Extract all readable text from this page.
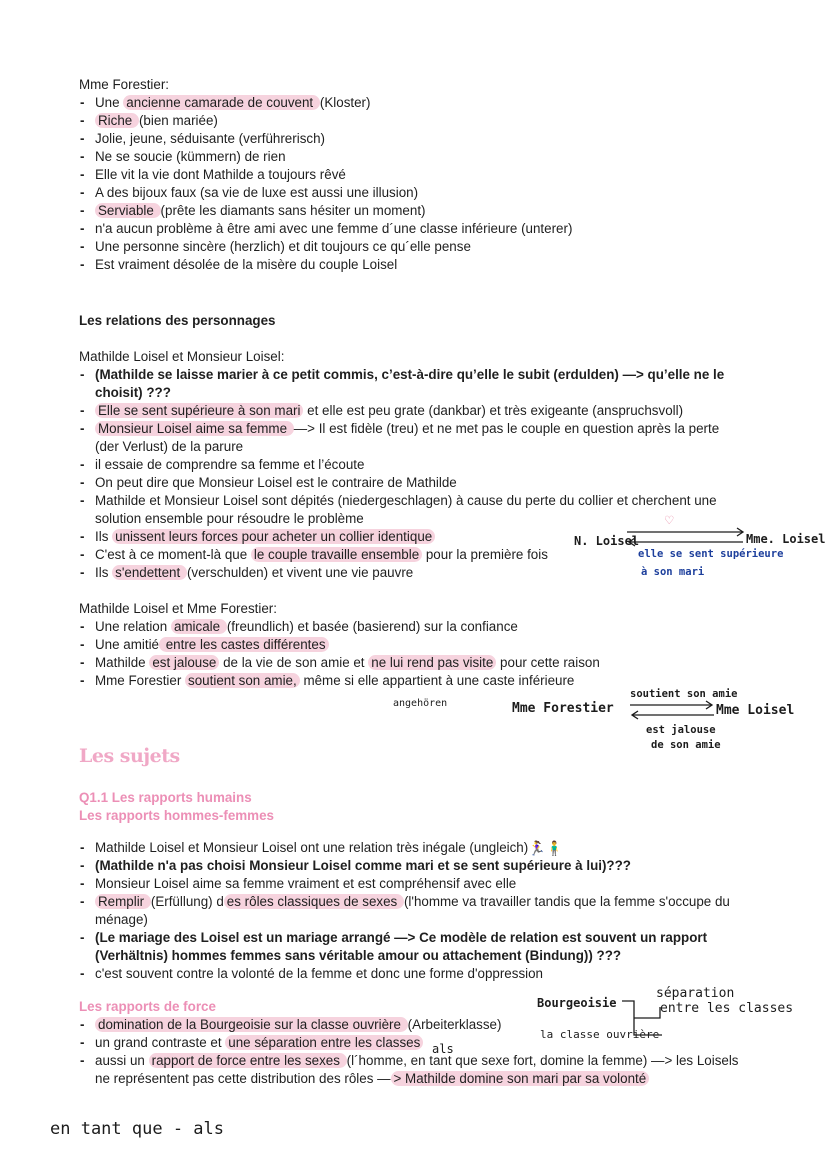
Mme Forestier:
- Une ancienne camarade de couvent (Kloster)
- Riche (bien mariée)
- Jolie, jeune, séduisante (verführerisch)
- Ne se soucie (kümmern) de rien
- Elle vit la vie dont Mathilde a toujours rêvé
- A des bijoux faux (sa vie de luxe est aussi une illusion)
- Serviable (prête les diamants sans hésiter un moment)
- n'a aucun problème à être ami avec une femme d´une classe inférieure (unterer)
- Une personne sincère (herzlich) et dit toujours ce qu´elle pense
- Est vraiment désolée de la misère du couple Loisel
Les relations des personnages
Mathilde Loisel et Monsieur Loisel:
- (Mathilde se laisse marier à ce petit commis, c’est-à-dire qu’elle le subit (erdulden) —> qu’elle ne le choisit) ???
- Elle se sent supérieure à son mari et elle est peu grate (dankbar) et très exigeante (anspruchsvoll)
- Monsieur Loisel aime sa femme —> Il est fidèle (treu) et ne met pas le couple en question après la perte (der Verlust) de la parure
- il essaie de comprendre sa femme et l’écoute
- On peut dire que Monsieur Loisel est le contraire de Mathilde
- Mathilde et Monsieur Loisel sont dépités (niedergeschlagen) à cause du perte du collier et cherchent une solution ensemble pour résoudre le problème
- Ils unissent leurs forces pour acheter un collier identique
- C'est à ce moment-là que le couple travaille ensemble pour la première fois
- Ils s'endettent (verschulden) et vivent une vie pauvre
Mathilde Loisel et Mme Forestier:
- Une relation amicale (freundlich) et basée (basierend) sur la confiance
- Une amitié entre les castes différentes
- Mathilde est jalouse de la vie de son amie et ne lui rend pas visite pour cette raison
- Mme Forestier soutient son amie, même si elle appartient à une caste inférieure
Les sujets
Q1.1 Les rapports humains
Les rapports hommes-femmes
- Mathilde Loisel et Monsieur Loisel ont une relation très inégale (ungleich) 🏃‍♀️🧍‍♂️
- (Mathilde n'a pas choisi Monsieur Loisel comme mari et se sent supérieure à lui)???
- Monsieur Loisel aime sa femme vraiment et est compréhensif avec elle
- Remplir (Erfüllung) d es rôles classiques de sexes (l'homme va travailler tandis que la femme s'occupe du ménage)
- (Le mariage des Loisel est un mariage arrangé —> Ce modèle de relation est souvent un rapport (Verhältnis) hommes femmes sans véritable amour ou attachement (Bindung)) ???
- c'est souvent contre la volonté de la femme et donc une forme d'oppression
Les rapports de force
- domination de la Bourgeoisie sur la classe ouvrière (Arbeiterklasse)
- un grand contraste et une séparation entre les classes
- aussi un rapport de force entre les sexes (l´homme, en tant que sexe fort, domine la femme) —> les Loisels ne représentent pas cette distribution des rôles — > Mathilde domine son mari par sa volonté
N. Loisel	Mme. Loisel
♡
elle se sent supérieure
à son mari
angehören	Mme Forestier	Mme Loisel
soutient son amie
est jalouse
de son amie
Bourgeoisie
séparation
entre les classes
la classe ouvrière
als
en tant que - als
